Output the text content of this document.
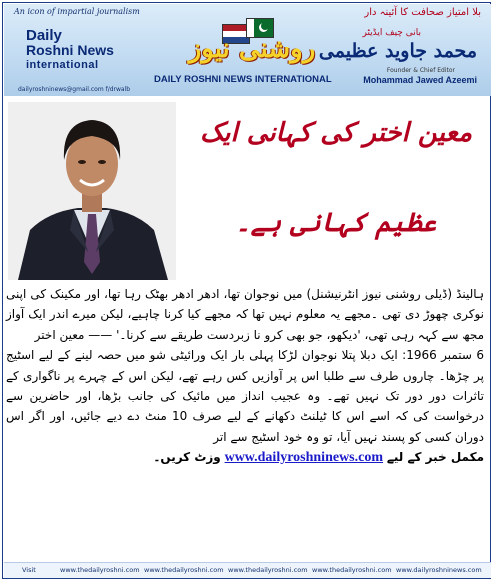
An icon of impartial journalism	بلا امتیاز صحافت کا آئینہ دار
Daily
Roshni News
international
روشنی نیوز
DAILY ROSHNI NEWS INTERNATIONAL
بانی چیف ایڈیٹر
محمد جاوید عظیمی
Founder & Chief Editor
Mohammad Jawed Azeemi
dailyroshninews@gmail.com f/drwalb
معین اختر کی کہانی ایک
عظیم کہانی ہے۔

ہالینڈ (ڈیلی روشنی نیوز انٹرنیشنل) میں نوجوان تھا، ادھر ادھر بھٹک رہا تھا، اور مکینک کی اپنی نوکری چھوڑ دی تھی ۔مجھے یہ معلوم نہیں تھا کہ مجھے کیا کرنا چاہیے، لیکن میرے اندر ایک آواز مجھ سے کہہ رہی تھی، 'دیکھو، جو بھی کرو نا زبردست طریقے سے کرنا۔' —— معین اختر

6 ستمبر 1966: ایک دبلا پتلا نوجوان لڑکا پہلی بار ایک ورائیٹی شو میں حصہ لینے کے لیے اسٹیج پر چڑھا۔ چاروں طرف سے طلبا اس پر آوازیں کس رہے تھے، لیکن اس کے چہرے پر ناگواری کے تاثرات دور دور تک نہیں تھے۔ وہ عجیب انداز میں مائیک کی جانب بڑھا، اور حاضرین سے درخواست کی کہ اسے اس کا ٹیلنٹ دکھانے کے لیے صرف 10 منٹ دے دیے جائیں، اور اگر اس دوران کسی کو پسند نہیں آیا، تو وہ خود اسٹیج سے اتر

مکمل خبر کے لیے www.dailyroshninews.com وزٹ کریں۔

Visit	www.thedailyroshni.com www.thedailyroshni.com www.thedailyroshni.com www.thedailyroshni.com www.dailyroshninews.com
